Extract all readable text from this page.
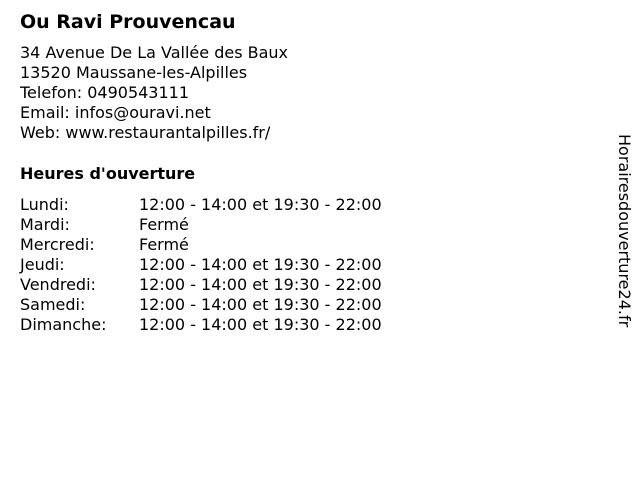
Ou Ravi Prouvencau
34 Avenue De La Vallée des Baux
13520 Maussane-les-Alpilles
Telefon: 0490543111
Email: infos@ouravi.net
Web: www.restaurantalpilles.fr/
Heures d'ouverture
Lundi:	12:00 - 14:00 et 19:30 - 22:00
Mardi:	Fermé
Mercredi:	Fermé
Jeudi:	12:00 - 14:00 et 19:30 - 22:00
Vendredi:	12:00 - 14:00 et 19:30 - 22:00
Samedi:	12:00 - 14:00 et 19:30 - 22:00
Dimanche: 12:00 - 14:00 et 19:30 - 22:00	Horairesdouverture24.fr
